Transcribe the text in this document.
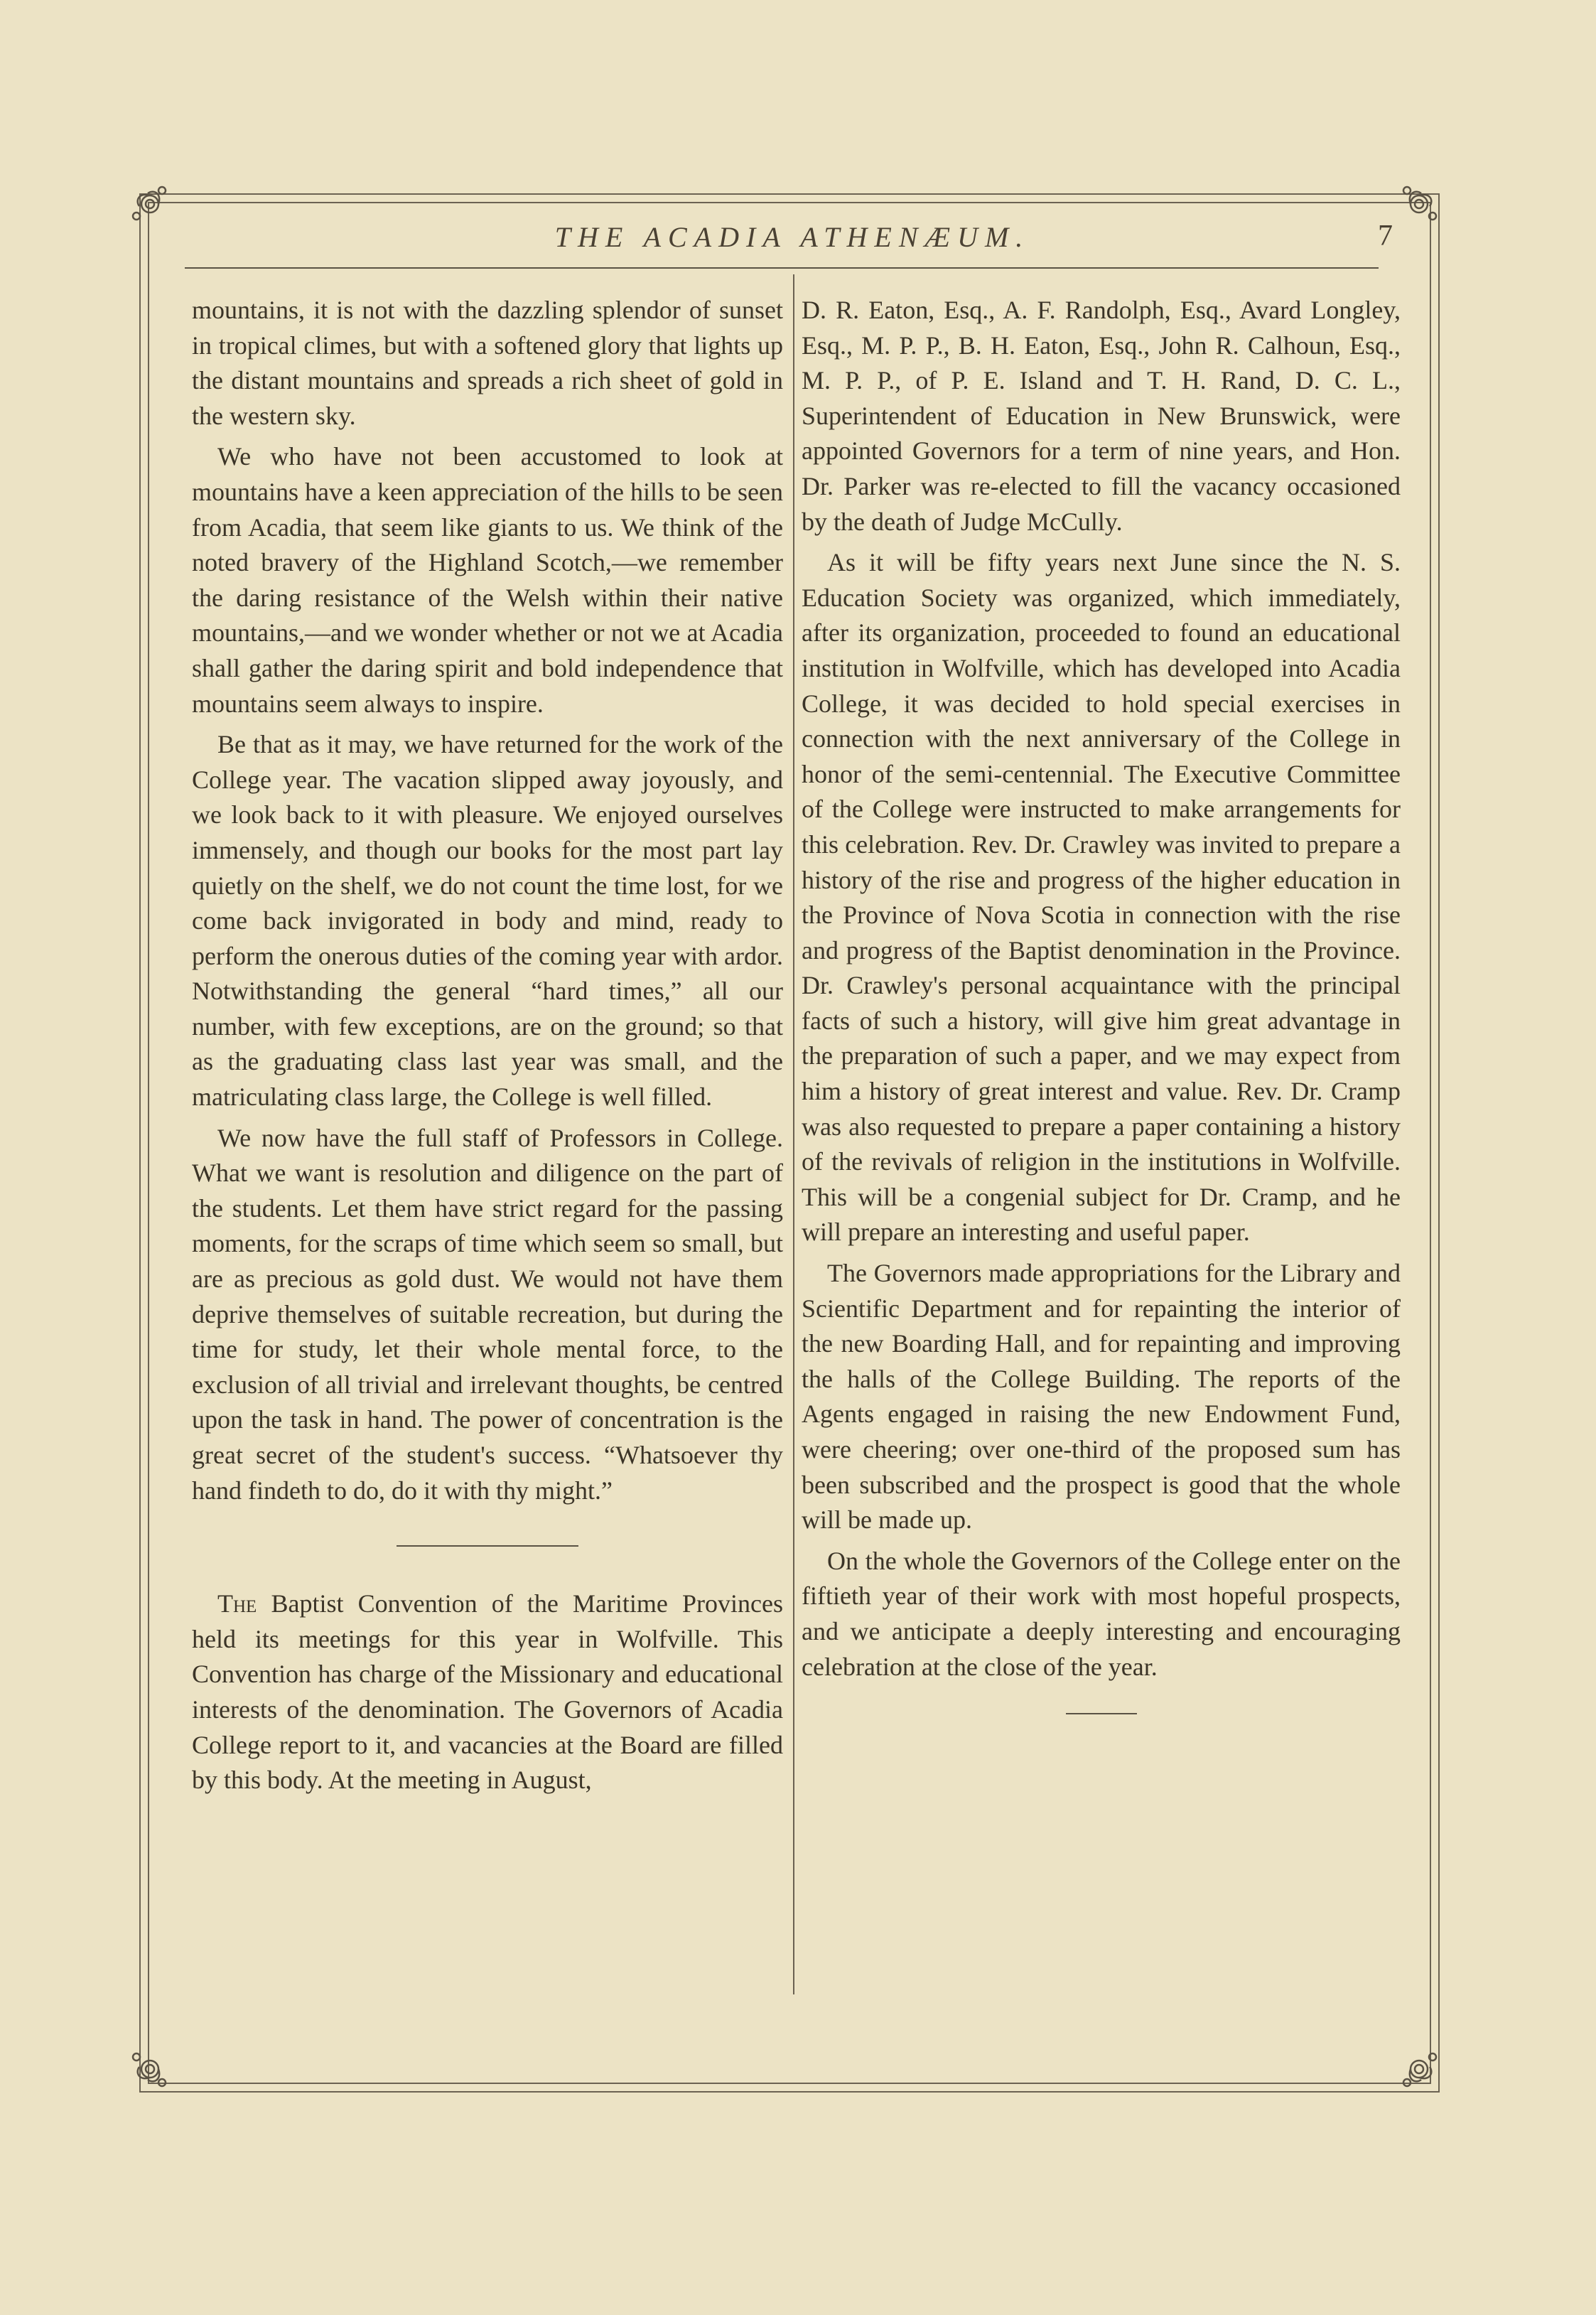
THE ACADIA ATHENÆUM.	7

mountains, it is not with the dazzling splendor of sunset in tropical climes, but with a softened glory that lights up the distant mountains and spreads a rich sheet of gold in the western sky.

We who have not been accustomed to look at mountains have a keen appreciation of the hills to be seen from Acadia, that seem like giants to us. We think of the noted bravery of the Highland Scotch,—we remember the daring resistance of the Welsh within their native mountains,—and we wonder whether or not we at Acadia shall gather the daring spirit and bold independence that mountains seem always to inspire.

Be that as it may, we have returned for the work of the College year. The vacation slipped away joyously, and we look back to it with pleasure. We enjoyed ourselves immensely, and though our books for the most part lay quietly on the shelf, we do not count the time lost, for we come back invigorated in body and mind, ready to perform the onerous duties of the coming year with ardor. Notwithstanding the general “hard times,” all our number, with few exceptions, are on the ground; so that as the graduating class last year was small, and the matriculating class large, the College is well filled.

We now have the full staff of Professors in College. What we want is resolution and diligence on the part of the students. Let them have strict regard for the passing moments, for the scraps of time which seem so small, but are as precious as gold dust. We would not have them deprive themselves of suitable recreation, but during the time for study, let their whole mental force, to the exclusion of all trivial and irrelevant thoughts, be centred upon the task in hand. The power of concentration is the great secret of the student's success. “Whatsoever thy hand findeth to do, do it with thy might.”

The Baptist Convention of the Maritime Provinces held its meetings for this year in Wolfville. This Convention has charge of the Missionary and educational interests of the denomination. The Governors of Acadia College report to it, and vacancies at the Board are filled by this body. At the meeting in August,

D. R. Eaton, Esq., A. F. Randolph, Esq., Avard Longley, Esq., M. P. P., B. H. Eaton, Esq., John R. Calhoun, Esq., M. P. P., of P. E. Island and T. H. Rand, D. C. L., Superintendent of Education in New Brunswick, were appointed Governors for a term of nine years, and Hon. Dr. Parker was re-elected to fill the vacancy occasioned by the death of Judge McCully.

As it will be fifty years next June since the N. S. Education Society was organized, which immediately, after its organization, proceeded to found an educational institution in Wolfville, which has developed into Acadia College, it was decided to hold special exercises in connection with the next anniversary of the College in honor of the semi-centennial. The Executive Committee of the College were instructed to make arrangements for this celebration. Rev. Dr. Crawley was invited to prepare a history of the rise and progress of the higher education in the Province of Nova Scotia in connection with the rise and progress of the Baptist denomination in the Province. Dr. Crawley's personal acquaintance with the principal facts of such a history, will give him great advantage in the preparation of such a paper, and we may expect from him a history of great interest and value. Rev. Dr. Cramp was also requested to prepare a paper containing a history of the revivals of religion in the institutions in Wolfville. This will be a congenial subject for Dr. Cramp, and he will prepare an interesting and useful paper.

The Governors made appropriations for the Library and Scientific Department and for repainting the interior of the new Boarding Hall, and for repainting and improving the halls of the College Building. The reports of the Agents engaged in raising the new Endowment Fund, were cheering; over one-third of the proposed sum has been subscribed and the prospect is good that the whole will be made up.

On the whole the Governors of the College enter on the fiftieth year of their work with most hopeful prospects, and we anticipate a deeply interesting and encouraging celebration at the close of the year.
